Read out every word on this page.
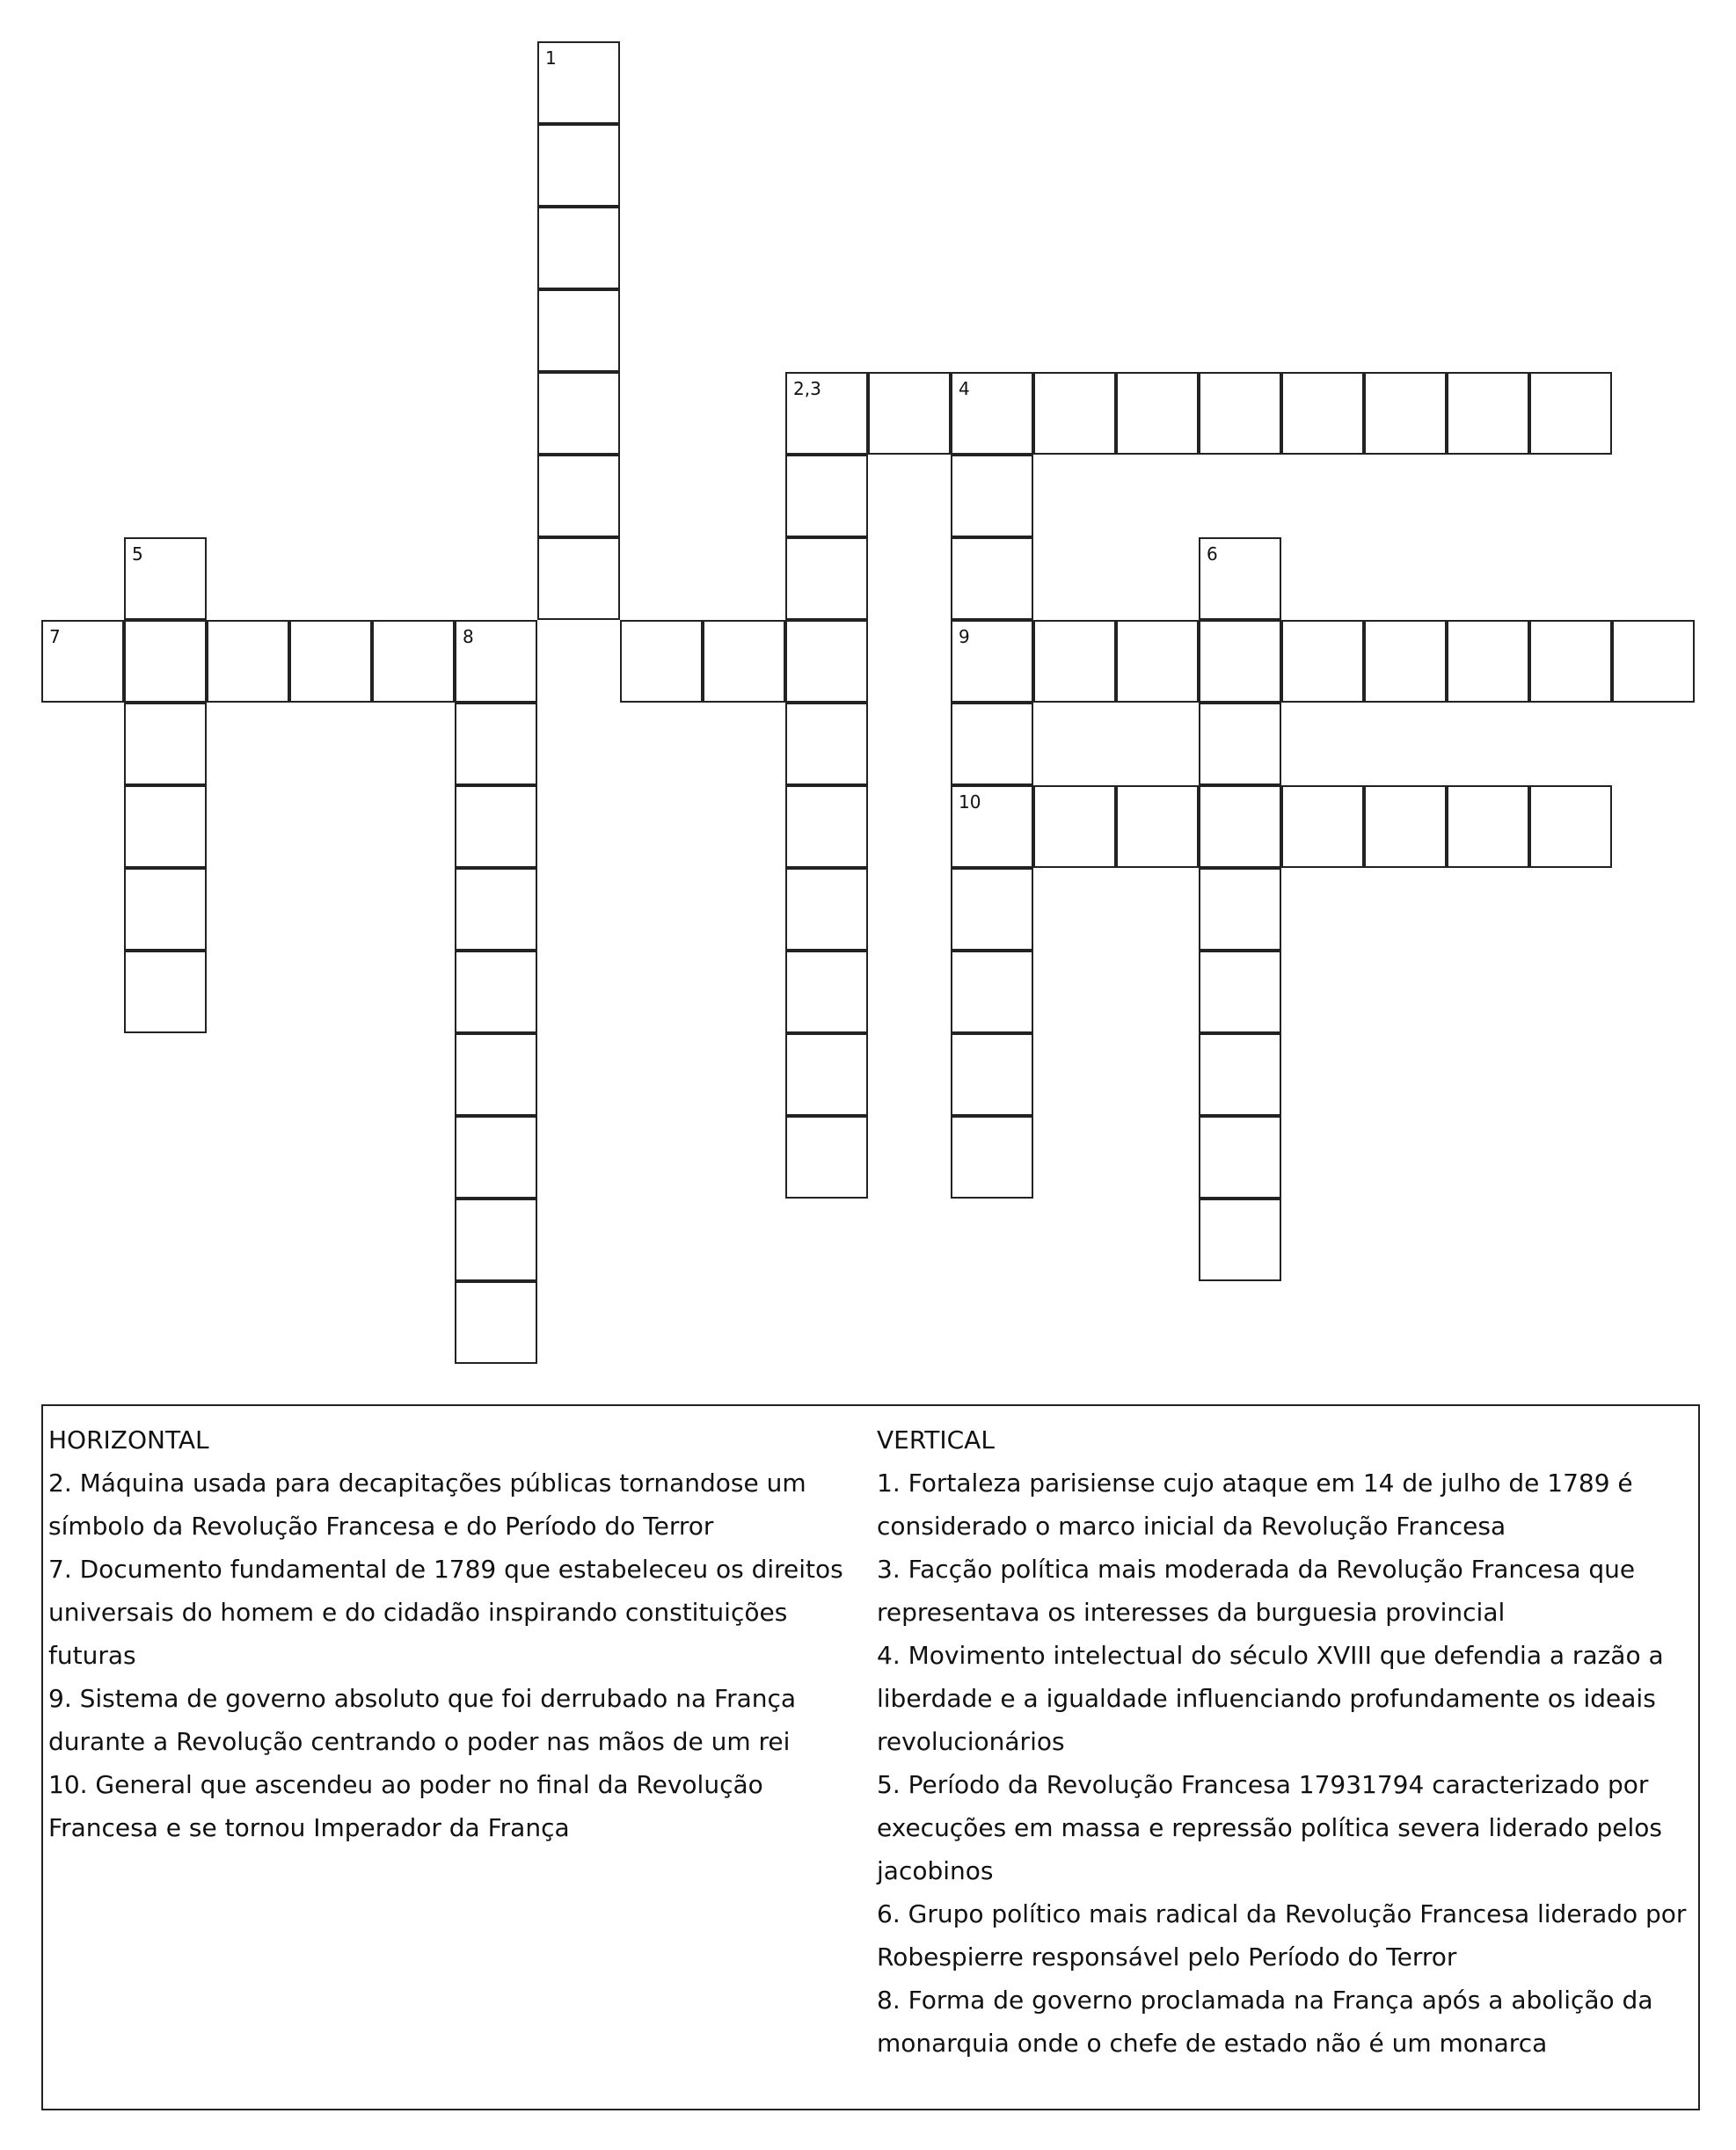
1
2,3	4
9
10
5
7	8
6
HORIZONTAL

2. Máquina usada para decapitações públicas tornandose um símbolo da Revolução Francesa e do Período do Terror

7. Documento fundamental de 1789 que estabeleceu os direitos universais do homem e do cidadão inspirando constituições futuras

9. Sistema de governo absoluto que foi derrubado na França durante a Revolução centrando o poder nas mãos de um rei

10. General que ascendeu ao poder no final da Revolução Francesa e se tornou Imperador da França

VERTICAL

1. Fortaleza parisiense cujo ataque em 14 de julho de 1789 é considerado o marco inicial da Revolução Francesa

3. Facção política mais moderada da Revolução Francesa que representava os interesses da burguesia provincial

4. Movimento intelectual do século XVIII que defendia a razão a liberdade e a igualdade influenciando profundamente os ideais revolucionários

5. Período da Revolução Francesa 17931794 caracterizado por execuções em massa e repressão política severa liderado pelos jacobinos

6. Grupo político mais radical da Revolução Francesa liderado por Robespierre responsável pelo Período do Terror

8. Forma de governo proclamada na França após a abolição da monarquia onde o chefe de estado não é um monarca
